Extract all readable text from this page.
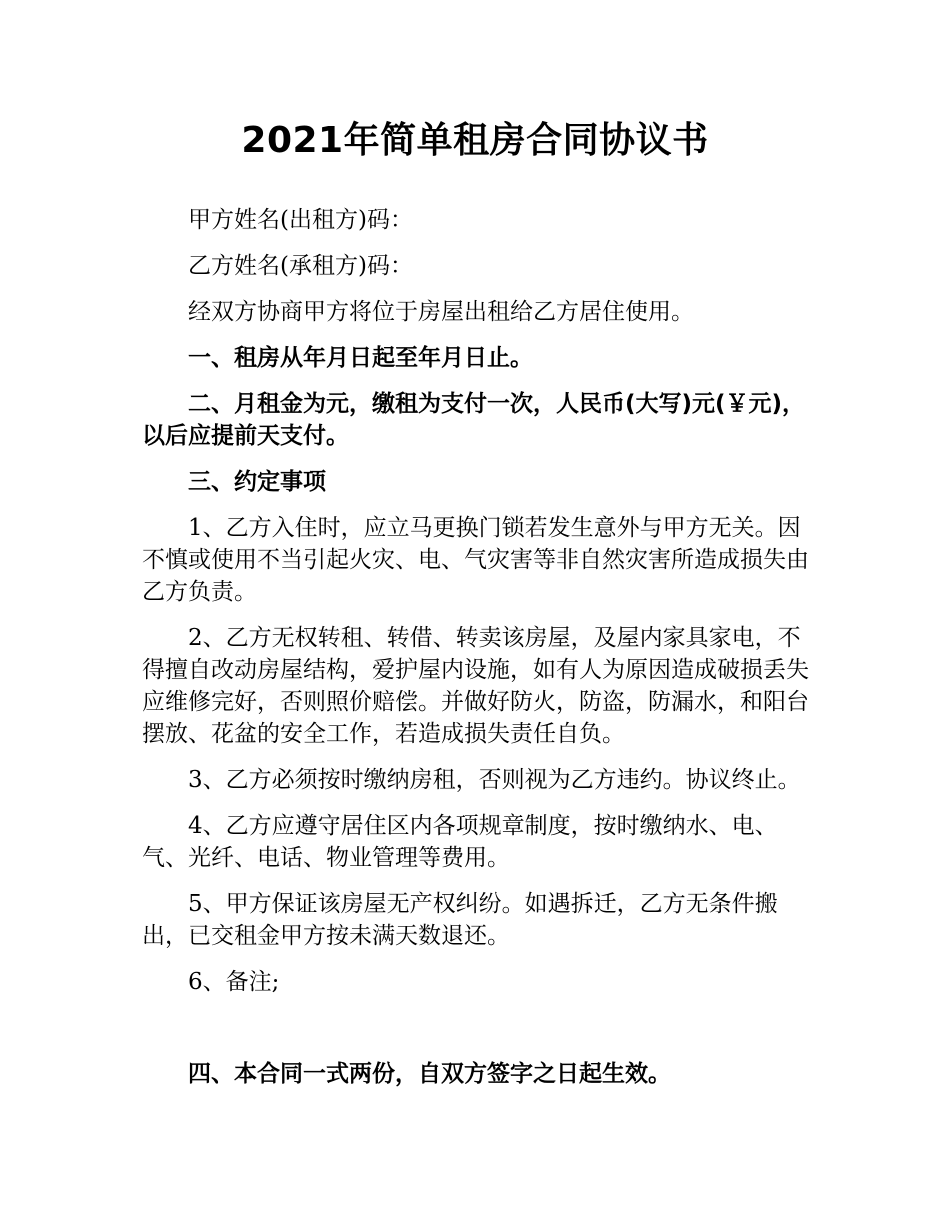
2021年简单租房合同协议书

甲方姓名(出租方)码：

乙方姓名(承租方)码：

经双方协商甲方将位于房屋出租给乙方居住使用。

一、租房从年月日起至年月日止。

二、月租金为元，缴租为支付一次，人民币(大写)元(￥元)，以后应提前天支付。

三、约定事项

1、乙方入住时，应立马更换门锁若发生意外与甲方无关。因不慎或使用不当引起火灾、电、气灾害等非自然灾害所造成损失由乙方负责。

2、乙方无权转租、转借、转卖该房屋，及屋内家具家电，不得擅自改动房屋结构，爱护屋内设施，如有人为原因造成破损丢失应维修完好，否则照价赔偿。并做好防火，防盗，防漏水，和阳台摆放、花盆的安全工作，若造成损失责任自负。

3、乙方必须按时缴纳房租，否则视为乙方违约。协议终止。

4、乙方应遵守居住区内各项规章制度，按时缴纳水、电、气、光纤、电话、物业管理等费用。

5、甲方保证该房屋无产权纠纷。如遇拆迁，乙方无条件搬出，已交租金甲方按未满天数退还。

6、备注;

四、本合同一式两份，自双方签字之日起生效。
